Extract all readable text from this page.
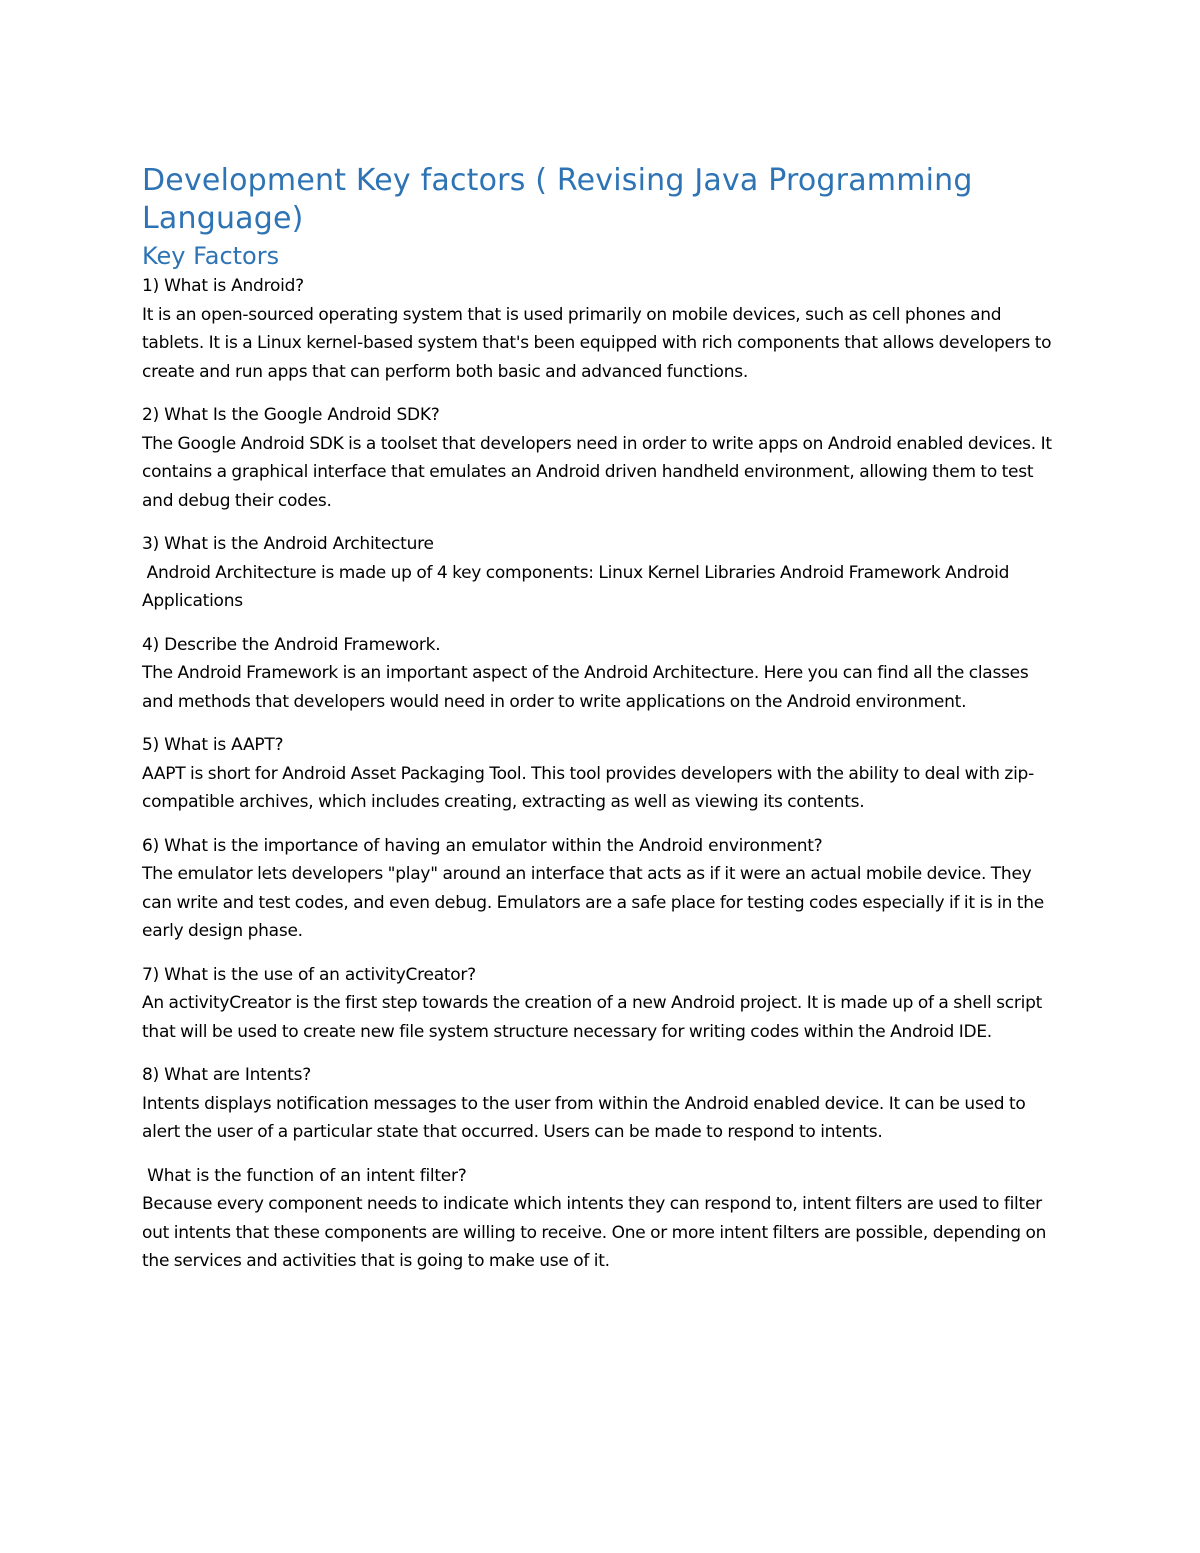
Development Key factors ( Revising Java Programming Language)
Key Factors

1) What is Android?

It is an open-sourced operating system that is used primarily on mobile devices, such as cell phones and tablets. It is a Linux kernel-based system that's been equipped with rich components that allows developers to create and run apps that can perform both basic and advanced functions.

2) What Is the Google Android SDK?

The Google Android SDK is a toolset that developers need in order to write apps on Android enabled devices. It contains a graphical interface that emulates an Android driven handheld environment, allowing them to test and debug their codes.

3) What is the Android Architecture

Android Architecture is made up of 4 key components: Linux Kernel Libraries Android Framework Android Applications

4) Describe the Android Framework.

The Android Framework is an important aspect of the Android Architecture. Here you can find all the classes and methods that developers would need in order to write applications on the Android environment.

5) What is AAPT?

AAPT is short for Android Asset Packaging Tool. This tool provides developers with the ability to deal with zip-compatible archives, which includes creating, extracting as well as viewing its contents.

6) What is the importance of having an emulator within the Android environment?

The emulator lets developers "play" around an interface that acts as if it were an actual mobile device. They can write and test codes, and even debug. Emulators are a safe place for testing codes especially if it is in the early design phase.

7) What is the use of an activityCreator?

An activityCreator is the first step towards the creation of a new Android project. It is made up of a shell script that will be used to create new file system structure necessary for writing codes within the Android IDE.

8) What are Intents?

Intents displays notification messages to the user from within the Android enabled device. It can be used to alert the user of a particular state that occurred. Users can be made to respond to intents.

What is the function of an intent filter?

Because every component needs to indicate which intents they can respond to, intent filters are used to filter out intents that these components are willing to receive. One or more intent filters are possible, depending on the services and activities that is going to make use of it.
